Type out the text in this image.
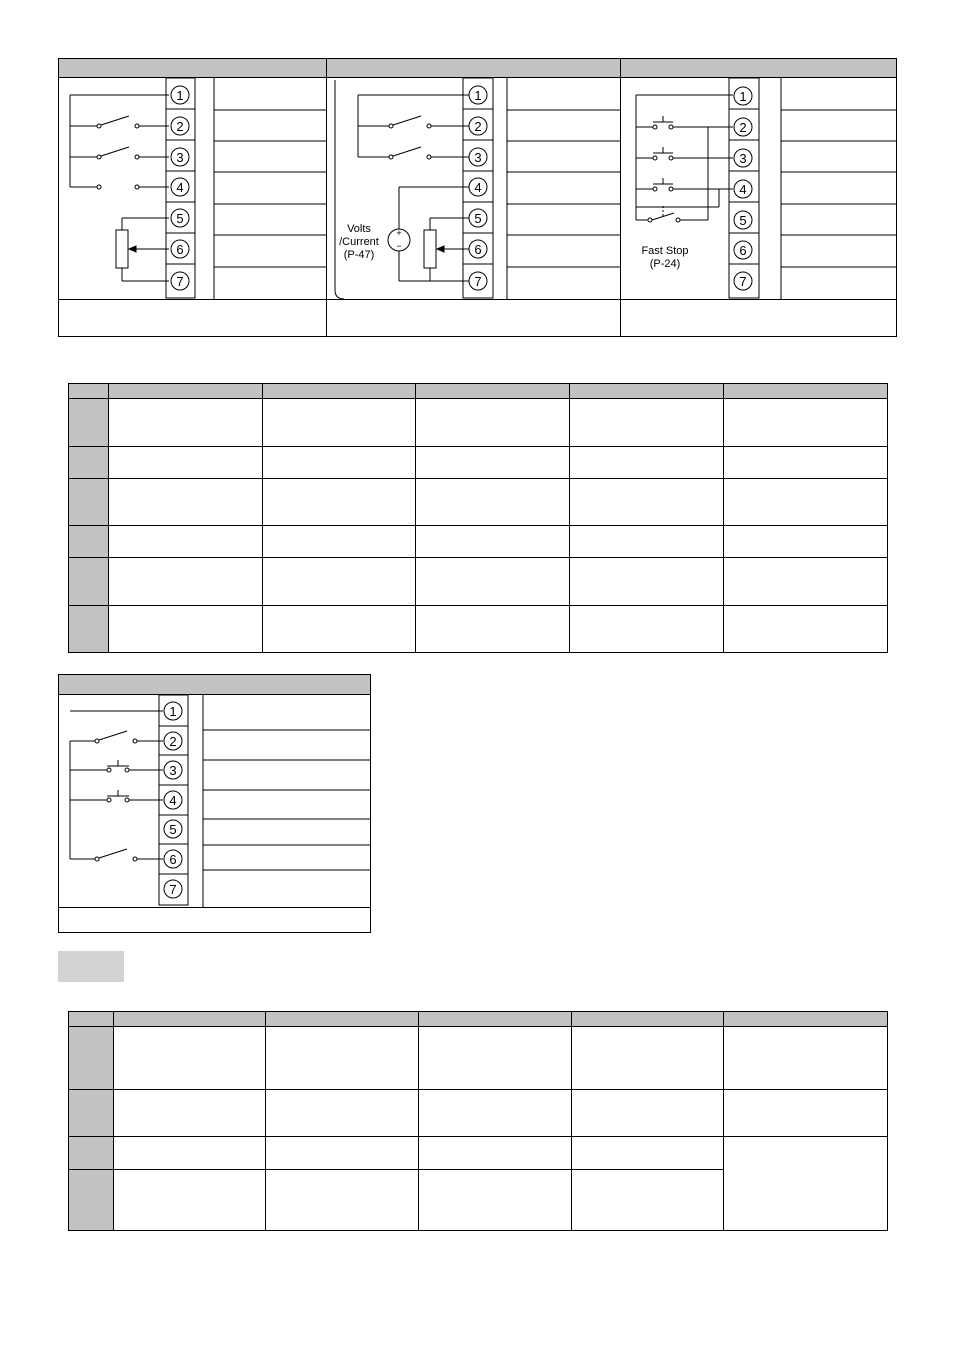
1
2
3
4
5
6
7
+
−
Volts
/Current
(P-47)
1
2
3
4
5
6
7
Fast Stop
(P-24)
1
2
3
4
5
6
7

1
2
3
4
5
6
7
